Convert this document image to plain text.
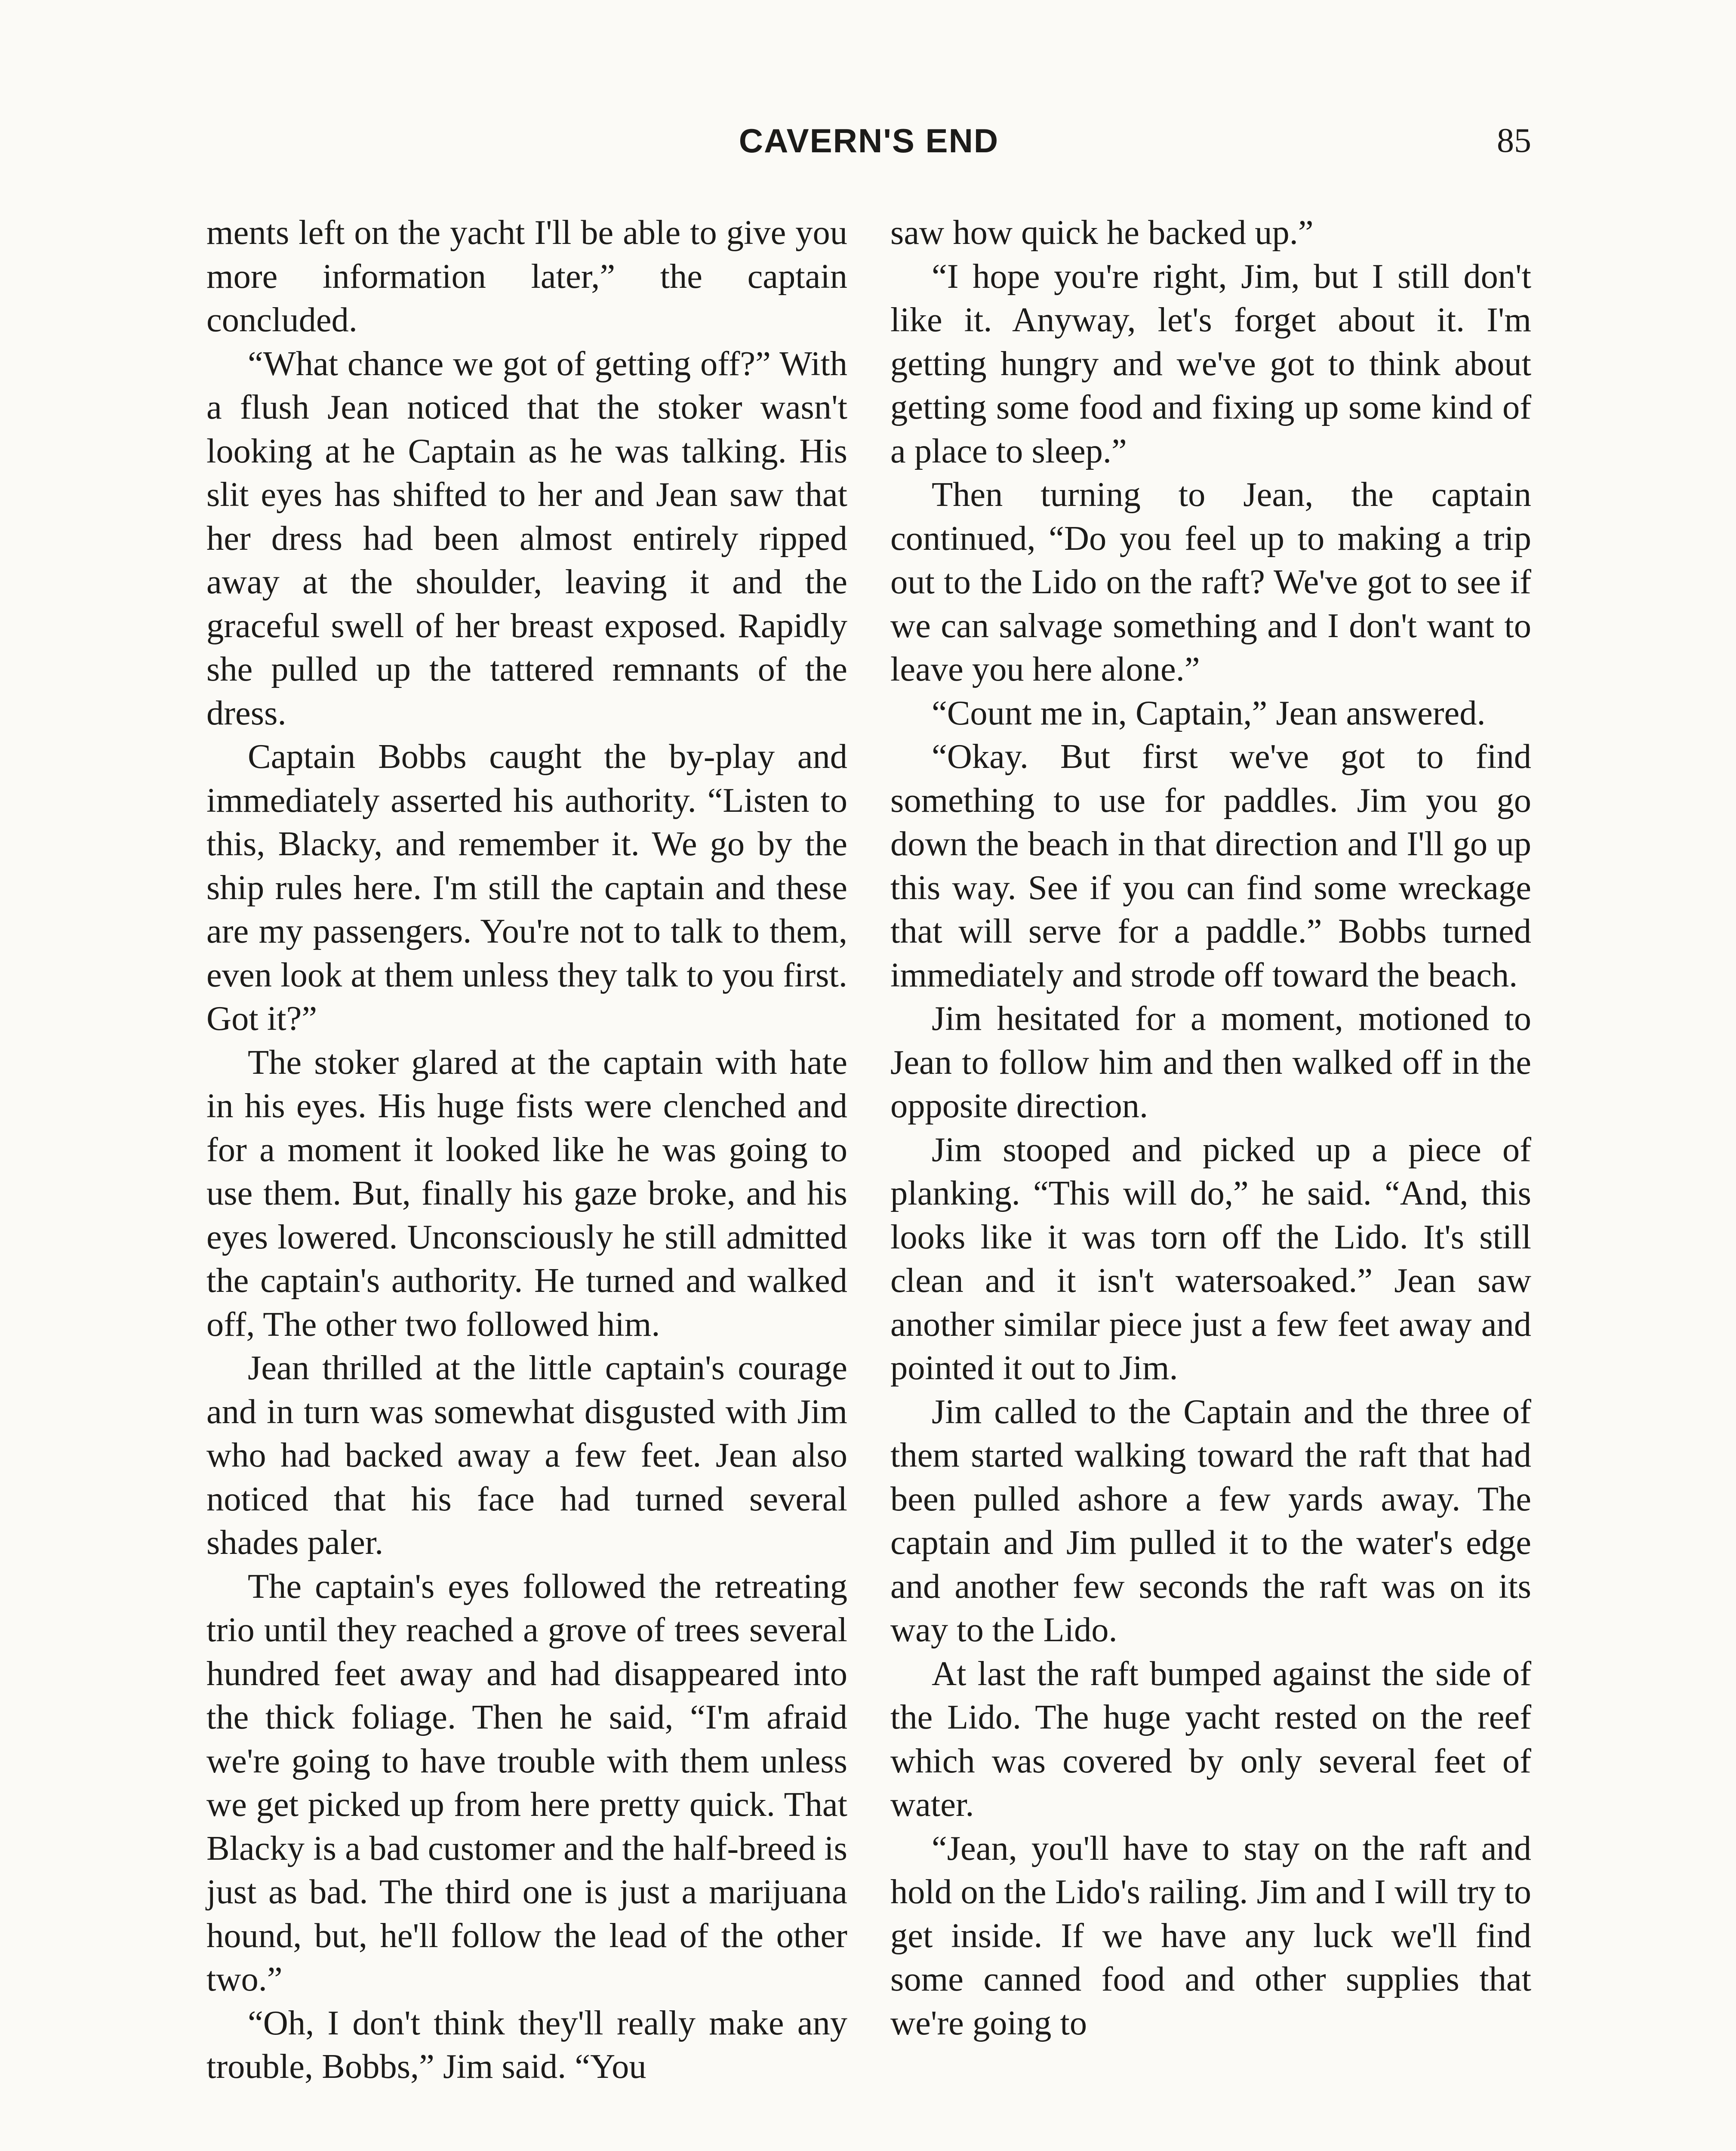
CAVERN'S END	85

ments left on the yacht I'll be able to give you more information later,” the captain concluded.

“What chance we got of getting off?” With a flush Jean noticed that the stoker wasn't looking at he Captain as he was talking. His slit eyes has shifted to her and Jean saw that her dress had been almost entirely ripped away at the shoulder, leaving it and the graceful swell of her breast exposed. Rapidly she pulled up the tattered remnants of the dress.

Captain Bobbs caught the by-play and immediately asserted his authority. “Listen to this, Blacky, and remember it. We go by the ship rules here. I'm still the captain and these are my passengers. You're not to talk to them, even look at them unless they talk to you first. Got it?”

The stoker glared at the captain with hate in his eyes. His huge fists were clenched and for a moment it looked like he was going to use them. But, finally his gaze broke, and his eyes lowered. Unconsciously he still admitted the captain's authority. He turned and walked off, The other two followed him.

Jean thrilled at the little captain's courage and in turn was somewhat disgusted with Jim who had backed away a few feet. Jean also noticed that his face had turned several shades paler.

The captain's eyes followed the retreating trio until they reached a grove of trees several hundred feet away and had disappeared into the thick foliage. Then he said, “I'm afraid we're going to have trouble with them unless we get picked up from here pretty quick. That Blacky is a bad customer and the half-breed is just as bad. The third one is just a marijuana hound, but, he'll follow the lead of the other two.”

“Oh, I don't think they'll really make any trouble, Bobbs,” Jim said. “You

saw how quick he backed up.”

“I hope you're right, Jim, but I still don't like it. Anyway, let's forget about it. I'm getting hungry and we've got to think about getting some food and fixing up some kind of a place to sleep.”

Then turning to Jean, the captain continued, “Do you feel up to making a trip out to the Lido on the raft? We've got to see if we can salvage something and I don't want to leave you here alone.”

“Count me in, Captain,” Jean answered.

“Okay. But first we've got to find something to use for paddles. Jim you go down the beach in that direction and I'll go up this way. See if you can find some wreckage that will serve for a paddle.” Bobbs turned immediately and strode off toward the beach.

Jim hesitated for a moment, motioned to Jean to follow him and then walked off in the opposite direction.

Jim stooped and picked up a piece of planking. “This will do,” he said. “And, this looks like it was torn off the Lido. It's still clean and it isn't watersoaked.” Jean saw another similar piece just a few feet away and pointed it out to Jim.

Jim called to the Captain and the three of them started walking toward the raft that had been pulled ashore a few yards away. The captain and Jim pulled it to the water's edge and another few seconds the raft was on its way to the Lido.

At last the raft bumped against the side of the Lido. The huge yacht rested on the reef which was covered by only several feet of water.

“Jean, you'll have to stay on the raft and hold on the Lido's railing. Jim and I will try to get inside. If we have any luck we'll find some canned food and other supplies that we're going to
